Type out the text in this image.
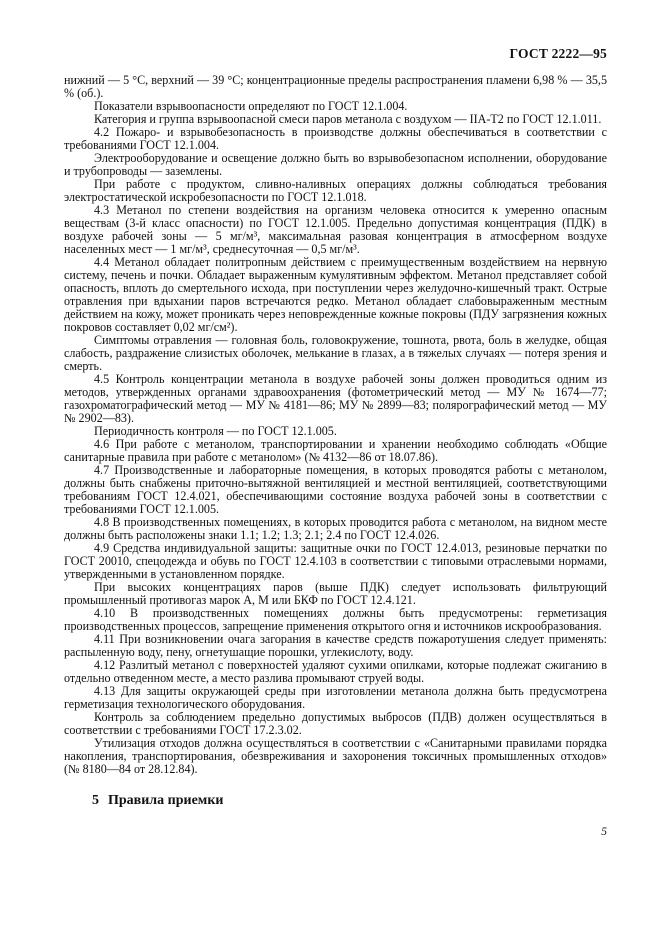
ГОСТ 2222—95

нижний — 5 °С, верхний — 39 °С; концентрационные пределы распространения пламени 6,98 % — 35,5 % (об.).

Показатели взрывоопасности определяют по ГОСТ 12.1.004.

Категория и группа взрывоопасной смеси паров метанола с воздухом — IIА-Т2 по ГОСТ 12.1.011.

4.2 Пожаро- и взрывобезопасность в производстве должны обеспечиваться в соответствии с требованиями ГОСТ 12.1.004.

Электрооборудование и освещение должно быть во взрывобезопасном исполнении, оборудование и трубопроводы — заземлены.

При работе с продуктом, сливно-наливных операциях должны соблюдаться требования электростатической искробезопасности по ГОСТ 12.1.018.

4.3 Метанол по степени воздействия на организм человека относится к умеренно опасным веществам (3-й класс опасности) по ГОСТ 12.1.005. Предельно допустимая концентрация (ПДК) в воздухе рабочей зоны — 5 мг/м³, максимальная разовая концентрация в атмосферном воздухе населенных мест — 1 мг/м³, среднесуточная — 0,5 мг/м³.

4.4 Метанол обладает политропным действием с преимущественным воздействием на нервную систему, печень и почки. Обладает выраженным кумулятивным эффектом. Метанол представляет собой опасность, вплоть до смертельного исхода, при поступлении через желудочно-кишечный тракт. Острые отравления при вдыхании паров встречаются редко. Метанол обладает слабовыраженным местным действием на кожу, может проникать через неповрежденные кожные покровы (ПДУ загрязнения кожных покровов составляет 0,02 мг/см²).

Симптомы отравления — головная боль, головокружение, тошнота, рвота, боль в желудке, общая слабость, раздражение слизистых оболочек, мелькание в глазах, а в тяжелых случаях — потеря зрения и смерть.

4.5 Контроль концентрации метанола в воздухе рабочей зоны должен проводиться одним из методов, утвержденных органами здравоохранения (фотометрический метод — МУ № 1674—77; газохроматографический метод — МУ № 4181—86; МУ № 2899—83; полярографический метод — МУ № 2902—83).

Периодичность контроля — по ГОСТ 12.1.005.

4.6 При работе с метанолом, транспортировании и хранении необходимо соблюдать «Общие санитарные правила при работе с метанолом» (№ 4132—86 от 18.07.86).

4.7 Производственные и лабораторные помещения, в которых проводятся работы с метанолом, должны быть снабжены приточно-вытяжной вентиляцией и местной вентиляцией, соответствующими требованиям ГОСТ 12.4.021, обеспечивающими состояние воздуха рабочей зоны в соответствии с требованиями ГОСТ 12.1.005.

4.8 В производственных помещениях, в которых проводится работа с метанолом, на видном месте должны быть расположены знаки 1.1; 1.2; 1.3; 2.1; 2.4 по ГОСТ 12.4.026.

4.9 Средства индивидуальной защиты: защитные очки по ГОСТ 12.4.013, резиновые перчатки по ГОСТ 20010, спецодежда и обувь по ГОСТ 12.4.103 в соответствии с типовыми отраслевыми нормами, утвержденными в установленном порядке.

При высоких концентрациях паров (выше ПДК) следует использовать фильтрующий промышленный противогаз марок А, М или БКФ по ГОСТ 12.4.121.

4.10 В производственных помещениях должны быть предусмотрены: герметизация производственных процессов, запрещение применения открытого огня и источников искрообразования.

4.11 При возникновении очага загорания в качестве средств пожаротушения следует применять: распыленную воду, пену, огнетушащие порошки, углекислоту, воду.

4.12 Разлитый метанол с поверхностей удаляют сухими опилками, которые подлежат сжиганию в отдельно отведенном месте, а место разлива промывают струей воды.

4.13 Для защиты окружающей среды при изготовлении метанола должна быть предусмотрена герметизация технологического оборудования.

Контроль за соблюдением предельно допустимых выбросов (ПДВ) должен осуществляться в соответствии с требованиями ГОСТ 17.2.3.02.

Утилизация отходов должна осуществляться в соответствии с «Санитарными правилами порядка накопления, транспортирования, обезвреживания и захоронения токсичных промышленных отходов» (№ 8180—84 от 28.12.84).

5 Правила приемки
5
